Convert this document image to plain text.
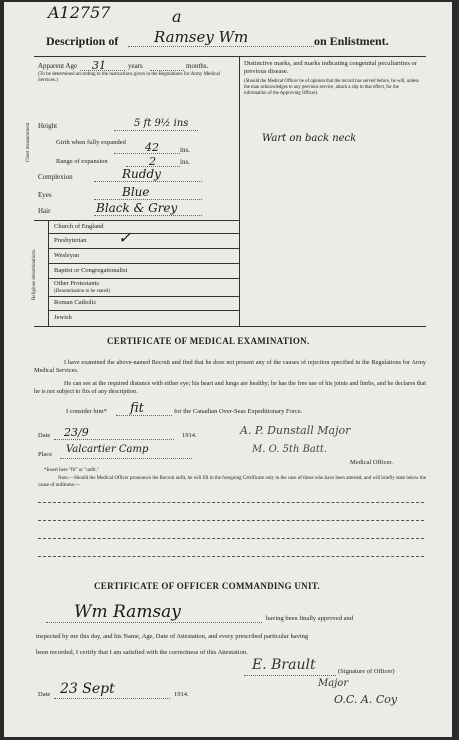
A12757	a
Description of Ramsey Wm	on Enlistment.
Apparent Age 31	years	months.
(To be determined according to the instructions given in the Regulations for Army Medical Services.)
Height	5 ft 9½ ins
Chest measurement	Girth when fully expanded	42	ins.
Range of expansion	2	ins.
Complexion	Ruddy
Eyes	Blue
Hair	Black & Grey
Religious denominations.
Church of England
Presbyterian ✓
Wesleyan
Baptist or Congregationalist
Other Protestants
(Denomination to be stated)
Roman Catholic
Jewish
Distinctive marks, and marks indicating congenital peculiarities or previous disease.
(Should the Medical Officer be of opinion that the recruit has served before, he will, unless the man acknowledges to any previous service, attach a slip to that effect, for the information of the Approving Officer).
Wart on back neck
CERTIFICATE OF MEDICAL EXAMINATION.
I have examined the above-named Recruit and find that he does not present any of the causes of rejection specified in the Regulations for Army Medical Services.
He can see at the required distance with either eye; his heart and lungs are healthy; he has the free use of his joints and limbs, and he declares that he is not subject to fits of any description.
I consider him* fit	for the Canadian Over-Seas Expeditionary Force.
Date 23/9	1914.	A. P. Dunstall Major
Place Valcartier Camp	M. O. 5th Batt.
Medical Officer.
*Insert here "fit" or "unfit."
Note.—Should the Medical Officer pronounce the Recruit unfit, he will fill in the foregoing Certificate only in the case of those who have been attested, and will briefly state below the cause of unfitness:—
CERTIFICATE OF OFFICER COMMANDING UNIT.
Wm Ramsay	having been finally approved and
inspected by me this day, and his Name, Age, Date of Attestation, and every prescribed particular having
been recorded, I certify that I am satisfied with the correctness of this Attestation.
E. Brault	(Signature of Officer)
Major
O.C. A. Coy
Date 23 Sept	1914.
